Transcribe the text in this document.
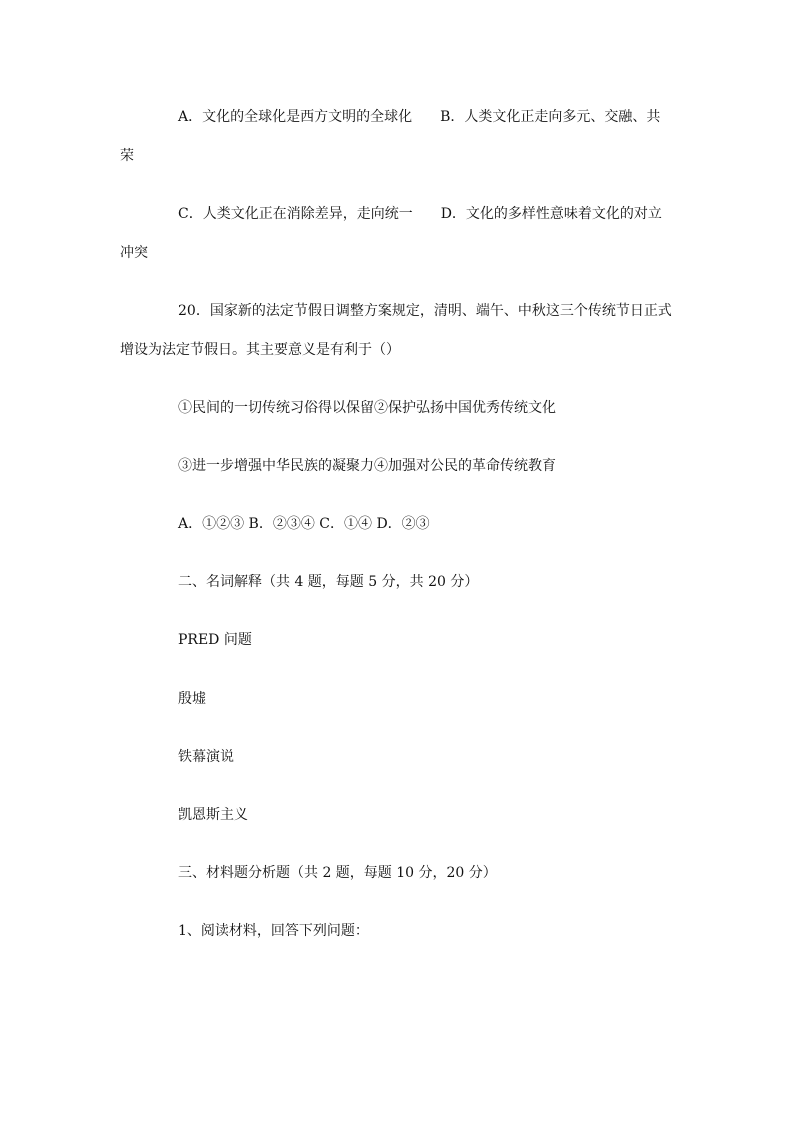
A．文化的全球化是西方文明的全球化　　B．人类文化正走向多元、交融、共
荣
C．人类文化正在消除差异，走向统一　　D．文化的多样性意味着文化的对立
冲突
20．国家新的法定节假日调整方案规定，清明、端午、中秋这三个传统节日正式
增设为法定节假日。其主要意义是有利于（）
①民间的一切传统习俗得以保留②保护弘扬中国优秀传统文化
③进一步增强中华民族的凝聚力④加强对公民的革命传统教育
A．①②③ B．②③④ C．①④ D．②③
二、名词解释（共 4 题，每题 5 分，共 20 分）
PRED 问题
殷墟
铁幕演说
凯恩斯主义
三、材料题分析题（共 2 题，每题 10 分，20 分）
1、阅读材料，回答下列问题：
